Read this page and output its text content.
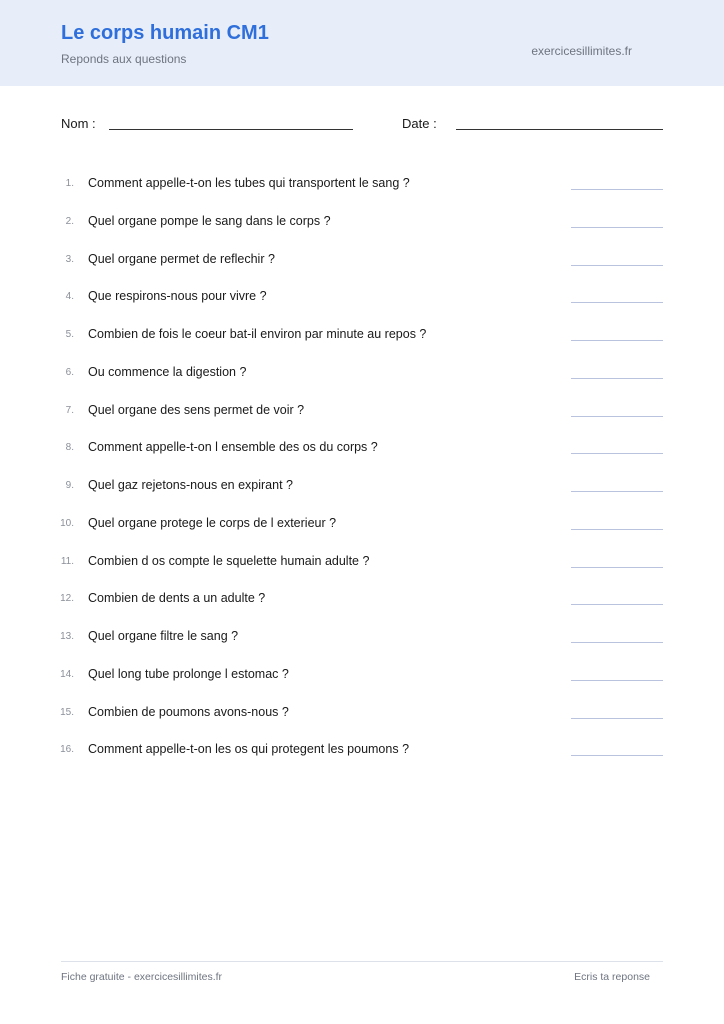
Le corps humain CM1
Reponds aux questions
exercicesillimites.fr
Nom :	Date :
1. Comment appelle-t-on les tubes qui transportent le sang ?
2. Quel organe pompe le sang dans le corps ?
3. Quel organe permet de reflechir ?
4. Que respirons-nous pour vivre ?
5. Combien de fois le coeur bat-il environ par minute au repos ?
6. Ou commence la digestion ?
7. Quel organe des sens permet de voir ?
8. Comment appelle-t-on l ensemble des os du corps ?
9. Quel gaz rejetons-nous en expirant ?
10. Quel organe protege le corps de l exterieur ?
11. Combien d os compte le squelette humain adulte ?
12. Combien de dents a un adulte ?
13. Quel organe filtre le sang ?
14. Quel long tube prolonge l estomac ?
15. Combien de poumons avons-nous ?
16. Comment appelle-t-on les os qui protegent les poumons ?
Fiche gratuite - exercicesillimites.fr	Ecris ta reponse
